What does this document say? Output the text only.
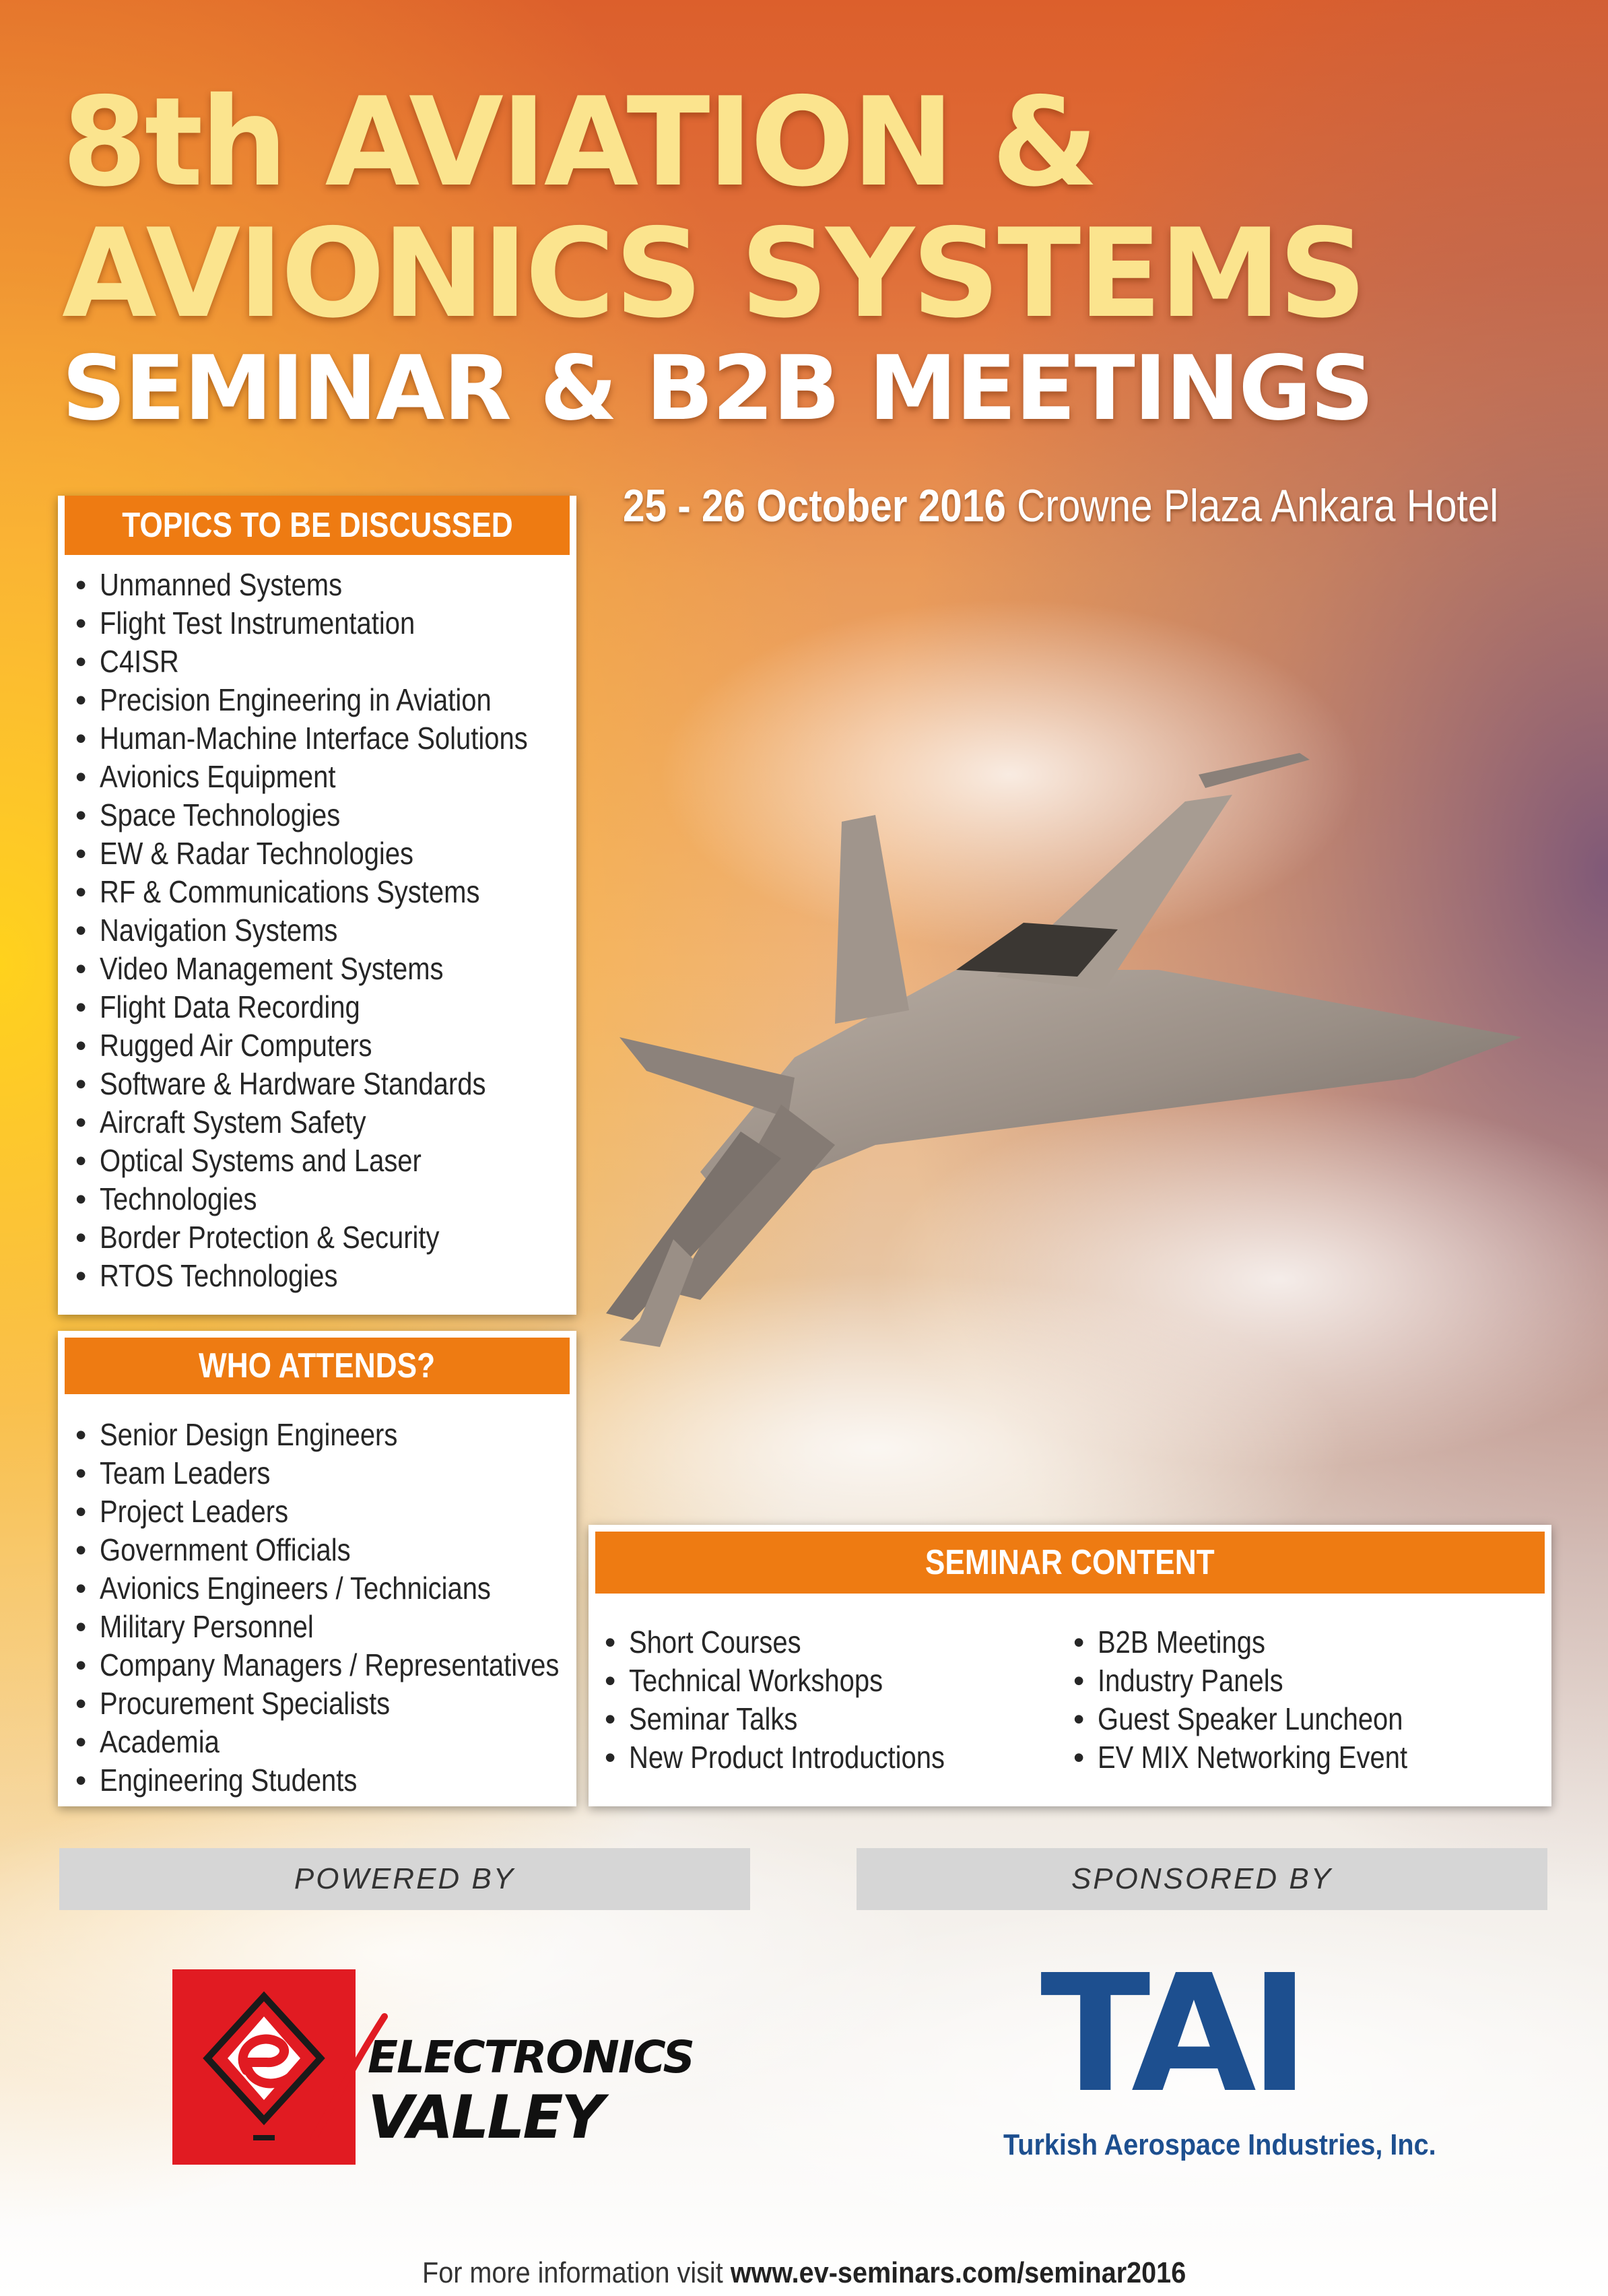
8th AVIATION &
AVIONICS SYSTEMS
SEMINAR & B2B MEETINGS
25 - 26 October 2016 Crowne Plaza Ankara Hotel
TOPICS TO BE DISCUSSED
• Unmanned Systems
• Flight Test Instrumentation
• C4ISR
• Precision Engineering in Aviation
• Human-Machine Interface Solutions
• Avionics Equipment
• Space Technologies
• EW & Radar Technologies
• RF & Communications Systems
• Navigation Systems
• Video Management Systems
• Flight Data Recording
• Rugged Air Computers
• Software & Hardware Standards
• Aircraft System Safety
• Optical Systems and Laser
• Technologies
• Border Protection & Security
• RTOS Technologies
WHO ATTENDS?
• Senior Design Engineers
• Team Leaders
• Project Leaders
• Government Officials
• Avionics Engineers / Technicians
• Military Personnel
• Company Managers / Representatives
• Procurement Specialists
• Academia
• Engineering Students
SEMINAR CONTENT
• Short Courses
• Technical Workshops
• Seminar Talks
• New Product Introductions
• B2B Meetings
• Industry Panels
• Guest Speaker Luncheon
• EV MIX Networking Event
POWERED BY	SPONSORED BY
ELECTRONICS
VALLEY	TAI
Turkish Aerospace Industries, Inc.
For more information visit www.ev-seminars.com/seminar2016
